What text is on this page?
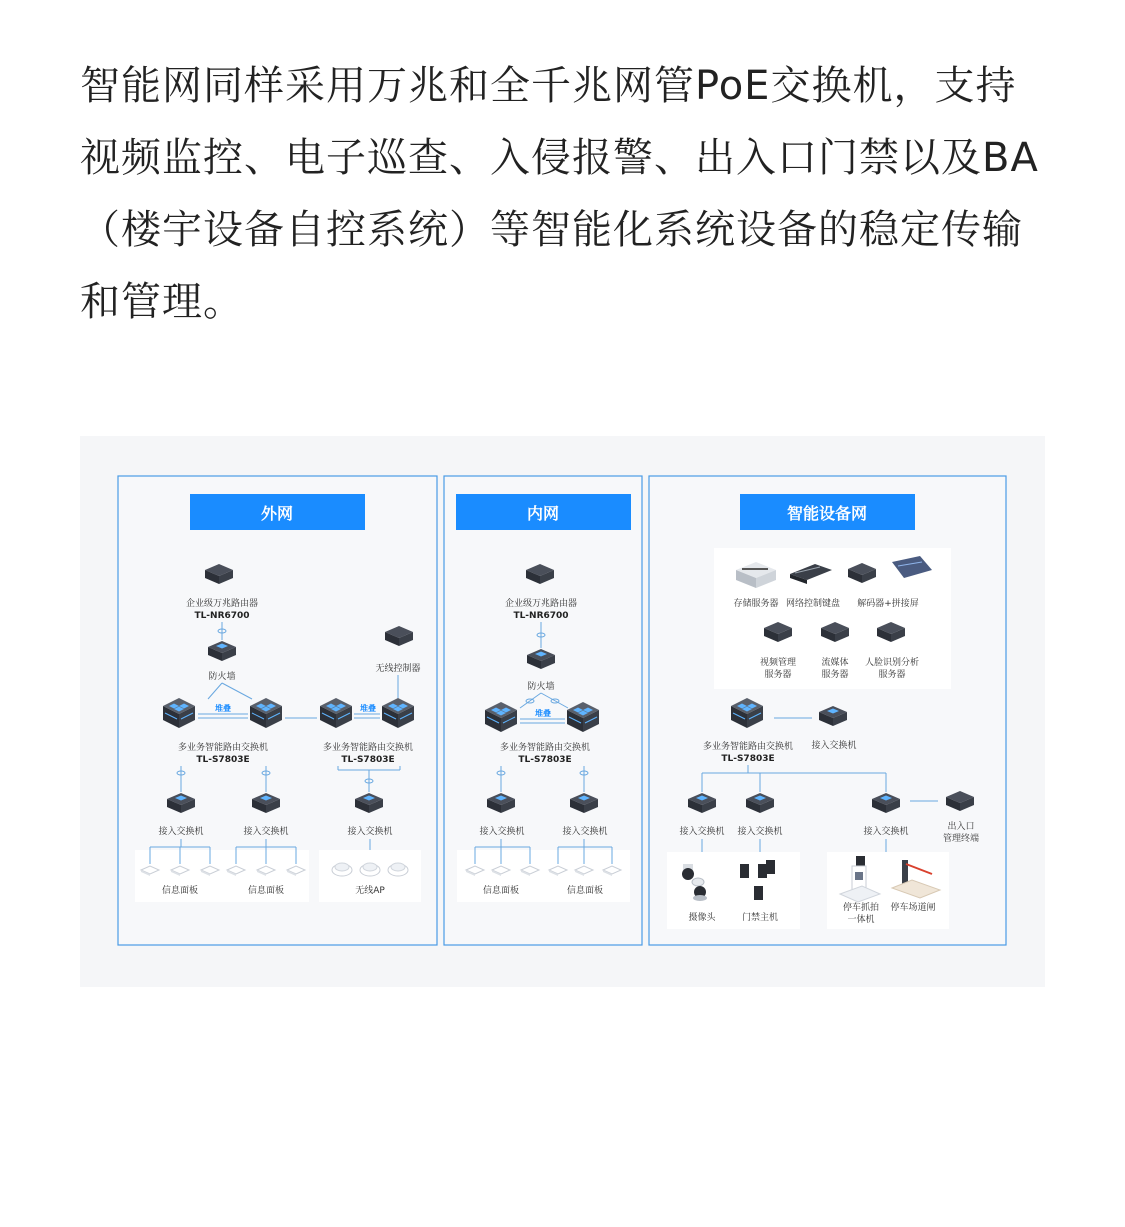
智能网同样采用万兆和全千兆网管PoE交换机，支持视频监控、电子巡查、入侵报警、出入口门禁以及BA（楼宇设备自控系统）等智能化系统设备的稳定传输和管理。
外网
企业级万兆路由器
TL-NR6700
防火墙
堆叠
多业务智能路由交换机
TL-S7803E
无线控制器
堆叠
多业务智能路由交换机
TL-S7803E
接入交换机	接入交换机	接入交换机
信息面板	信息面板	无线AP
内网
企业级万兆路由器
TL-NR6700
防火墙
堆叠
多业务智能路由交换机
TL-S7803E
接入交换机	接入交换机
信息面板	信息面板
智能设备网
存储服务器 网络控制键盘 解码器+拼接屏
视频管理
服务器
流媒体
服务器
人脸识别分析
服务器
多业务智能路由交换机
TL-S7803E
接入交换机
接入交换机 接入交换机	接入交换机	出入口
管理终端
摄像头	门禁主机
停车抓拍
一体机
停车场道闸
